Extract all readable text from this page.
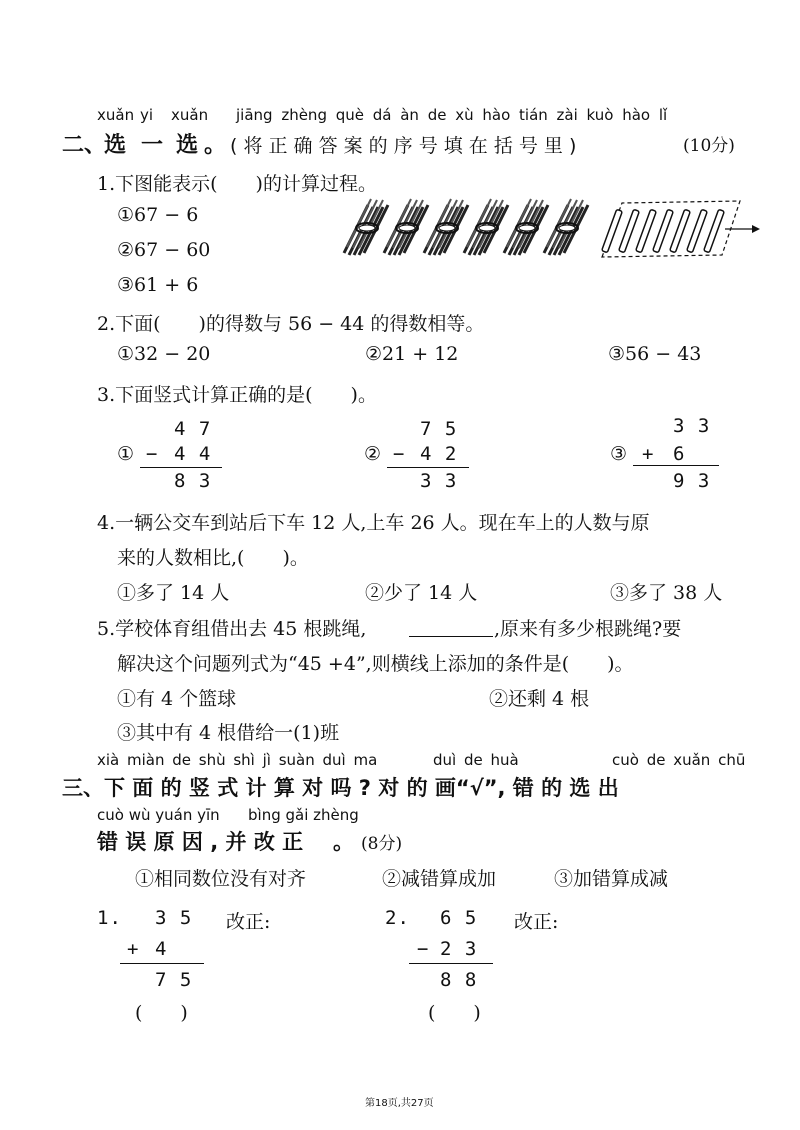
xuǎn yi xuǎn jiāng zhèng què dá àn de xù hào tián zài kuò hào lǐ
二、
选 一 选 。 ( 将 正 确 答 案 的 序 号 填 在 括 号 里 )	(10分)
1.下图能表示(　　)的计算过程。
①67 − 6
②67 − 60
③61 + 6
2.下面(　　)的得数与 56 − 44 的得数相等。
①32 − 20	②21 + 12	③56 − 43
3.下面竖式计算正确的是(　　)。
4 7
① − 4 4
8 3
7 5
② − 4 2
3 3
3 3
③ + 6
9 3
4.一辆公交车到站后下车 12 人,上车 26 人。现在车上的人数与原
来的人数相比,(　　)。
①多了 14 人	②少了 14 人	③多了 38 人
5.学校体育组借出去 45 根跳绳,	,原来有多少根跳绳?要
解决这个问题列式为“45 +4”,则横线上添加的条件是(　　)。
①有 4 个篮球	②还剩 4 根
③其中有 4 根借给一(1)班
xià miàn de shù shì jì suàn duì ma	duì de huà	cuò de xuǎn chū
三、下 面 的 竖 式 计 算 对 吗 ? 对 的 画“√”, 错 的 选 出
cuò wù yuán yīn bìng gǎi zhèng
错 误 原 因 , 并 改 正 。 (8分)
①相同数位没有对齐	②减错算成加	③加错算成减
1. 3 5 改正:
+ 4
7 5
(　　)
2. 6 5 改正:
− 2 3
8 8
(　　)
第18页,共27页
